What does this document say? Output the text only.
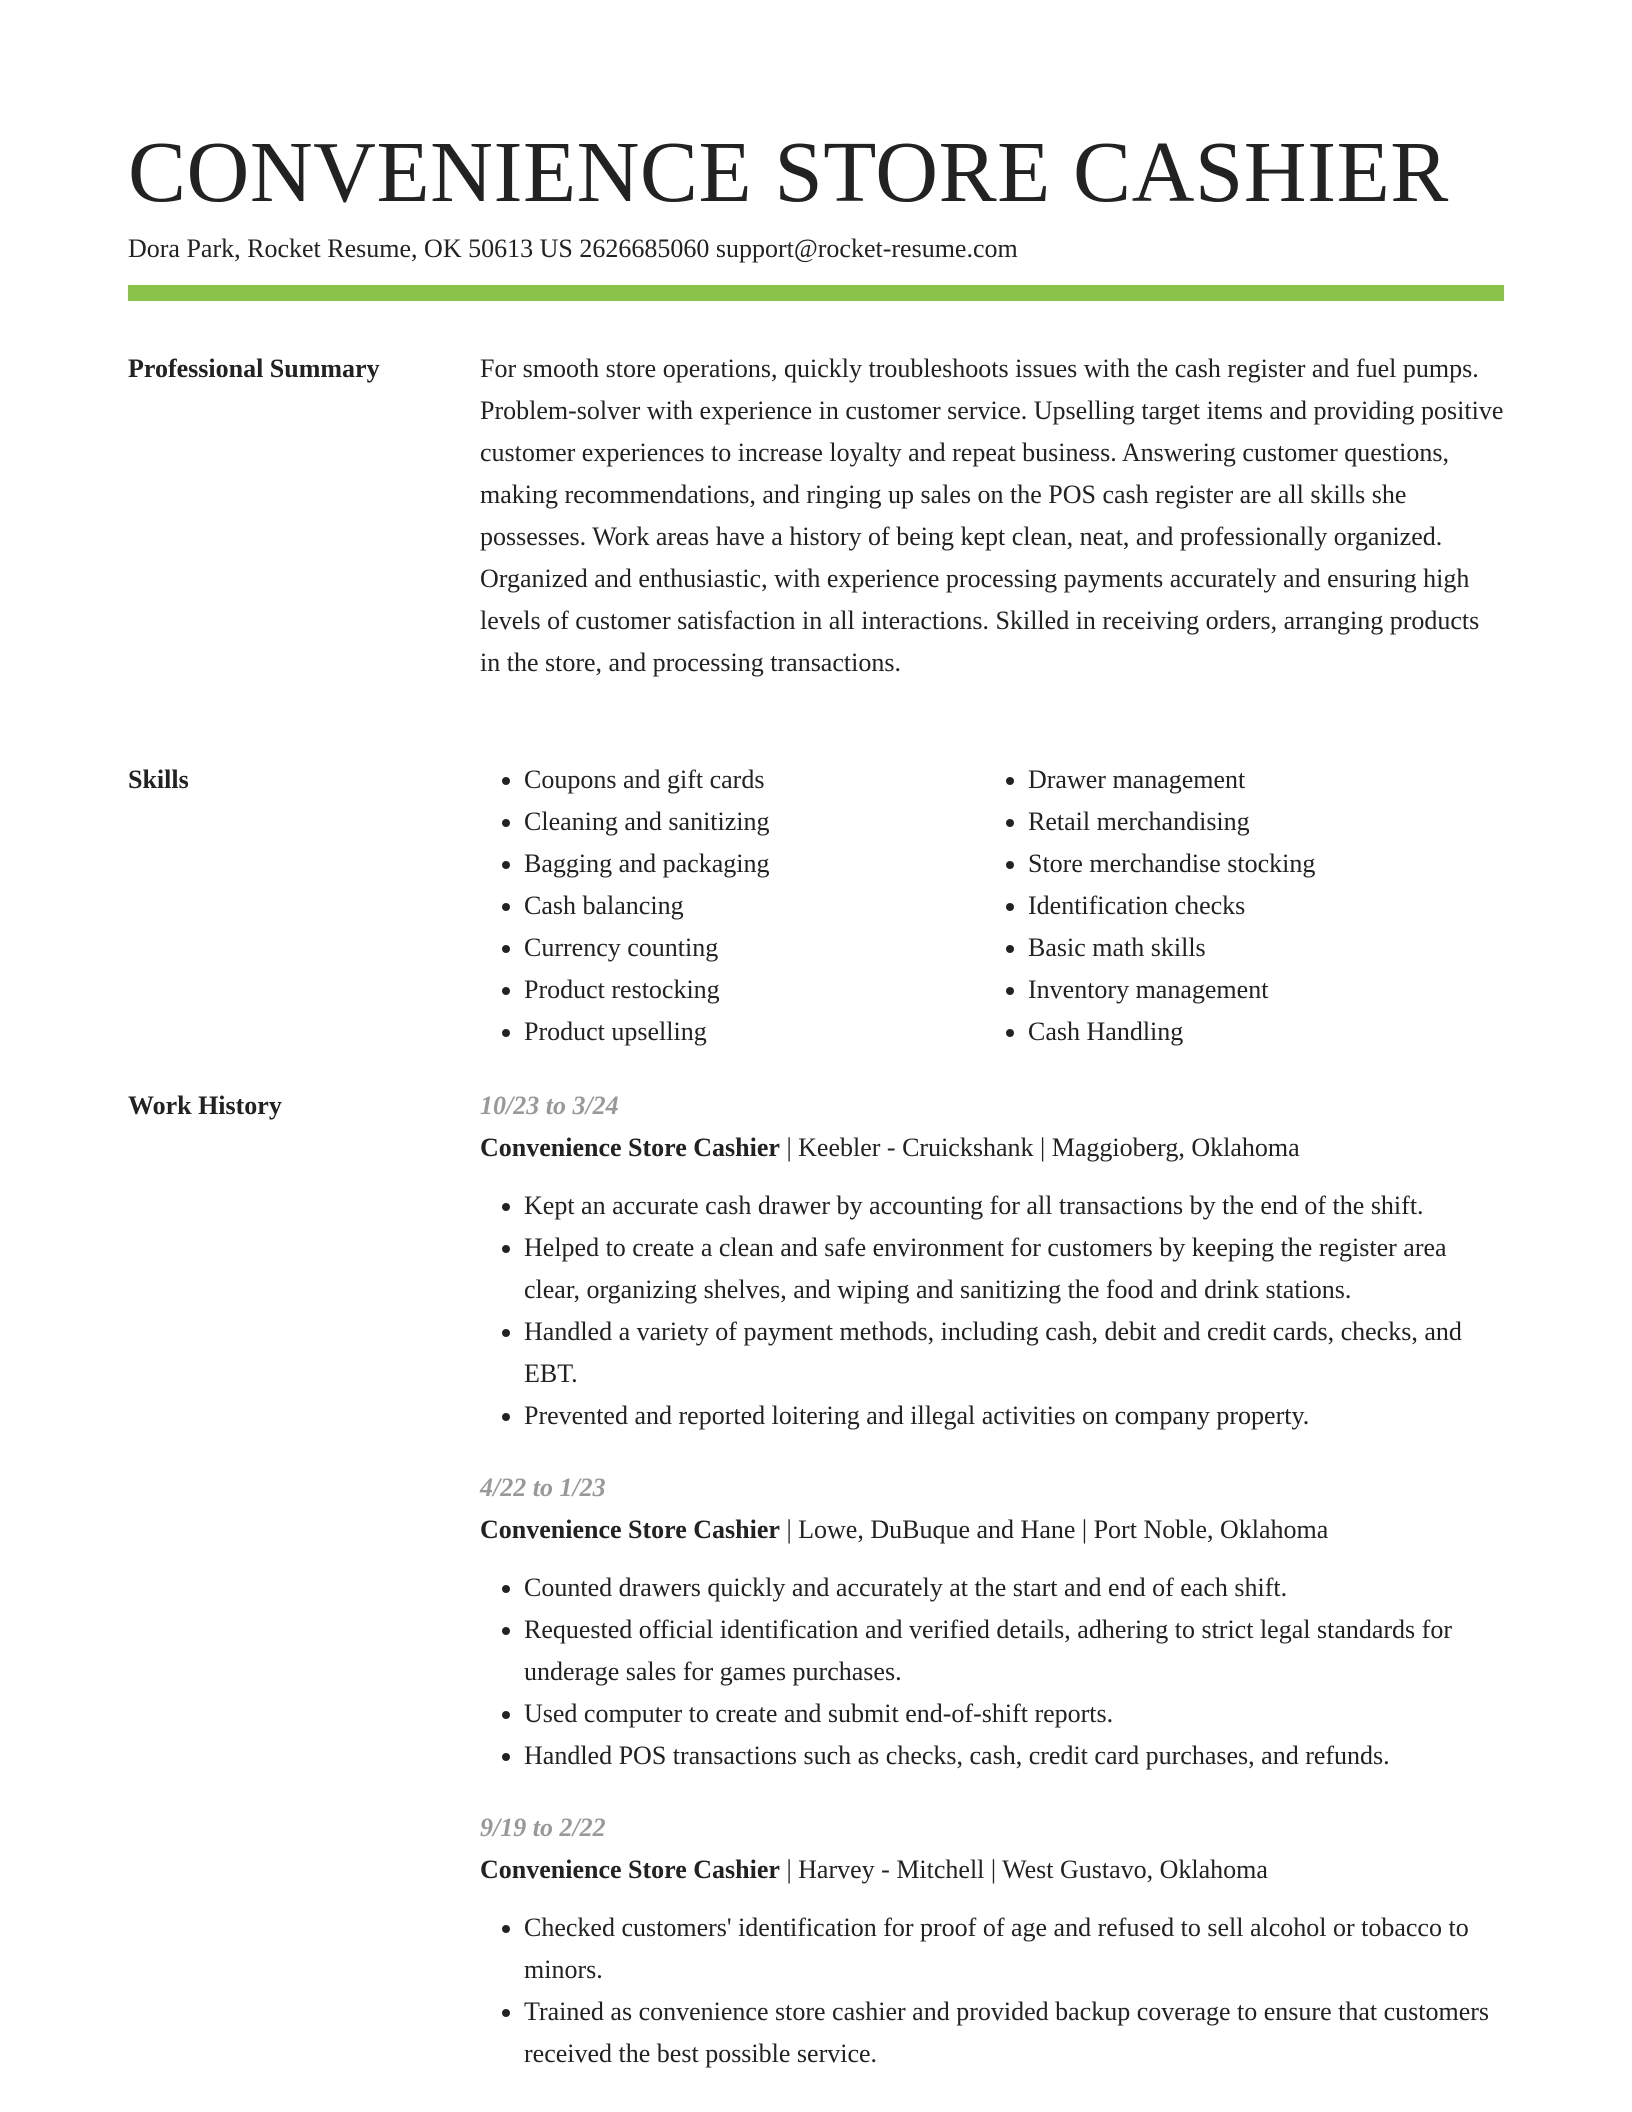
CONVENIENCE STORE CASHIER
Dora Park, Rocket Resume, OK 50613 US 2626685060 support@rocket-resume.com
Professional Summary	For smooth store operations, quickly troubleshoots issues with the cash register and fuel pumps. Problem-solver with experience in customer service. Upselling target items and providing positive customer experiences to increase loyalty and repeat business. Answering customer questions, making recommendations, and ringing up sales on the POS cash register are all skills she possesses. Work areas have a history of being kept clean, neat, and professionally organized. Organized and enthusiastic, with experience processing payments accurately and ensuring high levels of customer satisfaction in all interactions. Skilled in receiving orders, arranging products in the store, and processing transactions.

Skills
•	Coupons and gift cards
• Cleaning and sanitizing
• Bagging and packaging
• Cash balancing
• Currency counting
• Product restocking
• Product upselling
• Drawer management
• Retail merchandising
• Store merchandise stocking
• Identification checks
• Basic math skills
• Inventory management
• Cash Handling
Work History	10/23 to 3/24
Convenience Store Cashier | Keebler - Cruickshank | Maggioberg, Oklahoma
• Kept an accurate cash drawer by accounting for all transactions by the end of the shift.
• Helped to create a clean and safe environment for customers by keeping the register area clear, organizing shelves, and wiping and sanitizing the food and drink stations.
• Handled a variety of payment methods, including cash, debit and credit cards, checks, and EBT.
• Prevented and reported loitering and illegal activities on company property.
4/22 to 1/23
Convenience Store Cashier | Lowe, DuBuque and Hane | Port Noble, Oklahoma
• Counted drawers quickly and accurately at the start and end of each shift.
• Requested official identification and verified details, adhering to strict legal standards for underage sales for games purchases.
• Used computer to create and submit end-of-shift reports.
• Handled POS transactions such as checks, cash, credit card purchases, and refunds.
9/19 to 2/22
Convenience Store Cashier | Harvey - Mitchell | West Gustavo, Oklahoma
• Checked customers' identification for proof of age and refused to sell alcohol or tobacco to minors.
• Trained as convenience store cashier and provided backup coverage to ensure that customers received the best possible service.
